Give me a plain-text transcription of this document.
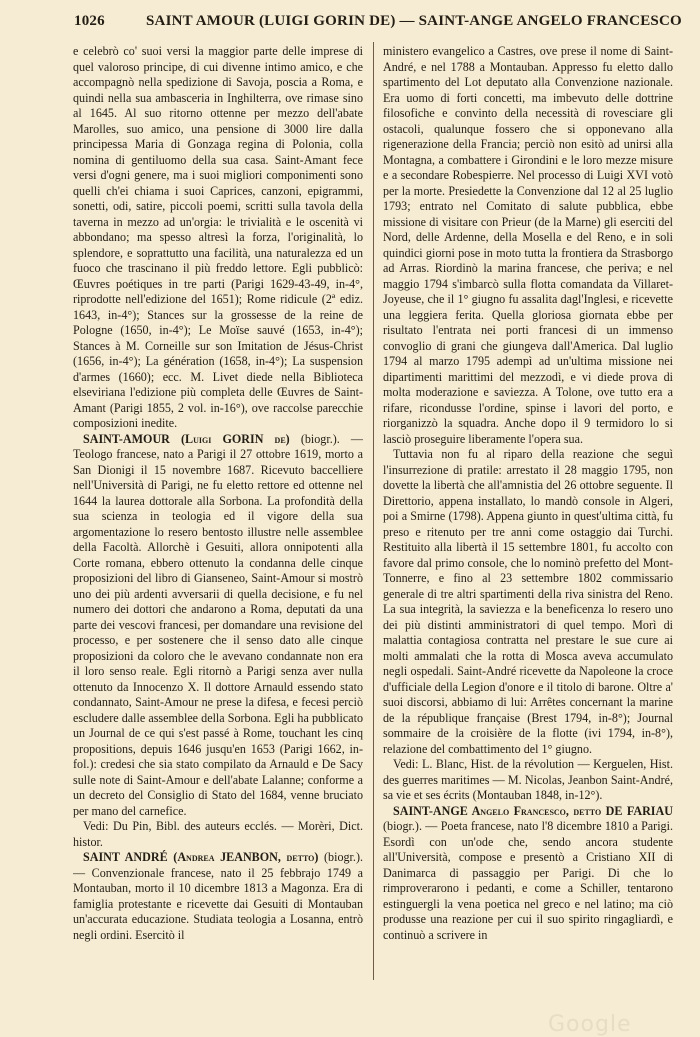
1026	SAINT AMOUR (LUIGI GORIN DE) — SAINT-ANGE ANGELO FRANCESCO

e celebrò co' suoi versi la maggior parte delle imprese di quel valoroso principe, di cui divenne intimo amico, e che accompagnò nella spedizione di Savoja, poscia a Roma, e quindi nella sua ambasceria in Inghilterra, ove rimase sino al 1645. Al suo ritorno ottenne per mezzo dell'abate Marolles, suo amico, una pensione di 3000 lire dalla principessa Maria di Gonzaga regina di Polonia, colla nomina di gentiluomo della sua casa. Saint-Amant fece versi d'ogni genere, ma i suoi migliori componimenti sono quelli ch'ei chiama i suoi Caprices, canzoni, epigrammi, sonetti, odi, satire, piccoli poemi, scritti sulla tavola della taverna in mezzo ad un'orgia: le trivialità e le oscenità vi abbondano; ma spesso altresì la forza, l'originalità, lo splendore, e soprattutto una facilità, una naturalezza ed un fuoco che trascinano il più freddo lettore. Egli pubblicò: Œuvres poétiques in tre parti (Parigi 1629-43-49, in-4°, riprodotte nell'edizione del 1651); Rome ridicule (2ª ediz. 1643, in-4°); Stances sur la grossesse de la reine de Pologne (1650, in-4°); Le Moïse sauvé (1653, in-4°); Stances à M. Corneille sur son Imitation de Jésus-Christ (1656, in-4°); La génération (1658, in-4°); La suspension d'armes (1660); ecc. M. Livet diede nella Biblioteca elseviriana l'edizione più completa delle Œuvres de Saint-Amant (Parigi 1855, 2 vol. in-16°), ove raccolse parecchie composizioni inedite.

SAINT-AMOUR (Luigi GORIN de) (biogr.). — Teologo francese, nato a Parigi il 27 ottobre 1619, morto a San Dionigi il 15 novembre 1687. Ricevuto baccelliere nell'Università di Parigi, ne fu eletto rettore ed ottenne nel 1644 la laurea dottorale alla Sorbona. La profondità della sua scienza in teologia ed il vigore della sua argomentazione lo resero bentosto illustre nelle assemblee della Facoltà. Allorchè i Gesuiti, allora onnipotenti alla Corte romana, ebbero ottenuto la condanna delle cinque proposizioni del libro di Gianseneo, Saint-Amour si mostrò uno dei più ardenti avversarii di quella decisione, e fu nel numero dei dottori che andarono a Roma, deputati da una parte dei vescovi francesi, per domandare una revisione del processo, e per sostenere che il senso dato alle cinque proposizioni da coloro che le avevano condannate non era il loro senso reale. Egli ritornò a Parigi senza aver nulla ottenuto da Innocenzo X. Il dottore Arnauld essendo stato condannato, Saint-Amour ne prese la difesa, e fecesi perciò escludere dalle assemblee della Sorbona. Egli ha pubblicato un Journal de ce qui s'est passé à Rome, touchant les cinq propositions, depuis 1646 jusqu'en 1653 (Parigi 1662, in-fol.): credesi che sia stato compilato da Arnauld e De Sacy sulle note di Saint-Amour e dell'abate Lalanne; conforme a un decreto del Consiglio di Stato del 1684, venne bruciato per mano del carnefice.

Vedi: Du Pin, Bibl. des auteurs ecclés. — Morèri, Dict. histor.

SAINT ANDRÉ (Andrea JEANBON, detto) (biogr.). — Convenzionale francese, nato il 25 febbrajo 1749 a Montauban, morto il 10 dicembre 1813 a Magonza. Era di famiglia protestante e ricevette dai Gesuiti di Montauban un'accurata educazione. Studiata teologia a Losanna, entrò negli ordini. Esercitò il

ministero evangelico a Castres, ove prese il nome di Saint-André, e nel 1788 a Montauban. Appresso fu eletto dallo spartimento del Lot deputato alla Convenzione nazionale. Era uomo di forti concetti, ma imbevuto delle dottrine filosofiche e convinto della necessità di rovesciare gli ostacoli, qualunque fossero che si opponevano alla rigenerazione della Francia; perciò non esitò ad unirsi alla Montagna, a combattere i Girondini e le loro mezze misure e a secondare Robespierre. Nel processo di Luigi XVI votò per la morte. Presiedette la Convenzione dal 12 al 25 luglio 1793; entrato nel Comitato di salute pubblica, ebbe missione di visitare con Prieur (de la Marne) gli eserciti del Nord, delle Ardenne, della Mosella e del Reno, e in soli quindici giorni pose in moto tutta la frontiera da Strasborgo ad Arras. Riordinò la marina francese, che periva; e nel maggio 1794 s'imbarcò sulla flotta comandata da Villaret-Joyeuse, che il 1° giugno fu assalita dagl'Inglesi, e ricevette una leggiera ferita. Quella gloriosa giornata ebbe per risultato l'entrata nei porti francesi di un immenso convoglio di grani che giungeva dall'America. Dal luglio 1794 al marzo 1795 adempì ad un'ultima missione nei dipartimenti marittimi del mezzodì, e vi diede prova di molta moderazione e saviezza. A Tolone, ove tutto era a rifare, ricondusse l'ordine, spinse i lavori del porto, e riorganizzò la squadra. Anche dopo il 9 termidoro lo si lasciò proseguire liberamente l'opera sua.

Tuttavia non fu al riparo della reazione che seguì l'insurrezione di pratile: arrestato il 28 maggio 1795, non dovette la libertà che all'amnistia del 26 ottobre seguente. Il Direttorio, appena installato, lo mandò console in Algeri, poi a Smirne (1798). Appena giunto in quest'ultima città, fu preso e ritenuto per tre anni come ostaggio dai Turchi. Restituito alla libertà il 15 settembre 1801, fu accolto con favore dal primo console, che lo nominò prefetto del Mont-Tonnerre, e fino al 23 settembre 1802 commissario generale di tre altri spartimenti della riva sinistra del Reno. La sua integrità, la saviezza e la beneficenza lo resero uno dei più distinti amministratori di quel tempo. Morì di malattia contagiosa contratta nel prestare le sue cure ai molti ammalati che la rotta di Mosca aveva accumulato negli ospedali. Saint-André ricevette da Napoleone la croce d'ufficiale della Legion d'onore e il titolo di barone. Oltre a' suoi discorsi, abbiamo di lui: Arrêtes concernant la marine de la république française (Brest 1794, in-8°); Journal sommaire de la croisière de la flotte (ivi 1794, in-8°), relazione del combattimento del 1° giugno.

Vedi: L. Blanc, Hist. de la révolution — Kerguelen, Hist. des guerres maritimes — M. Nicolas, Jeanbon Saint-André, sa vie et ses écrits (Montauban 1848, in-12°).

SAINT-ANGE Angelo Francesco, detto DE FARIAU (biogr.). — Poeta francese, nato l'8 dicembre 1810 a Parigi. Esordì con un'ode che, sendo ancora studente all'Università, compose e presentò a Cristiano XII di Danimarca di passaggio per Parigi. Di che lo rimproverarono i pedanti, e come a Schiller, tentarono estinguergli la vena poetica nel greco e nel latino; ma ciò produsse una reazione per cui il suo spirito ringagliardì, e continuò a scrivere in

Google
